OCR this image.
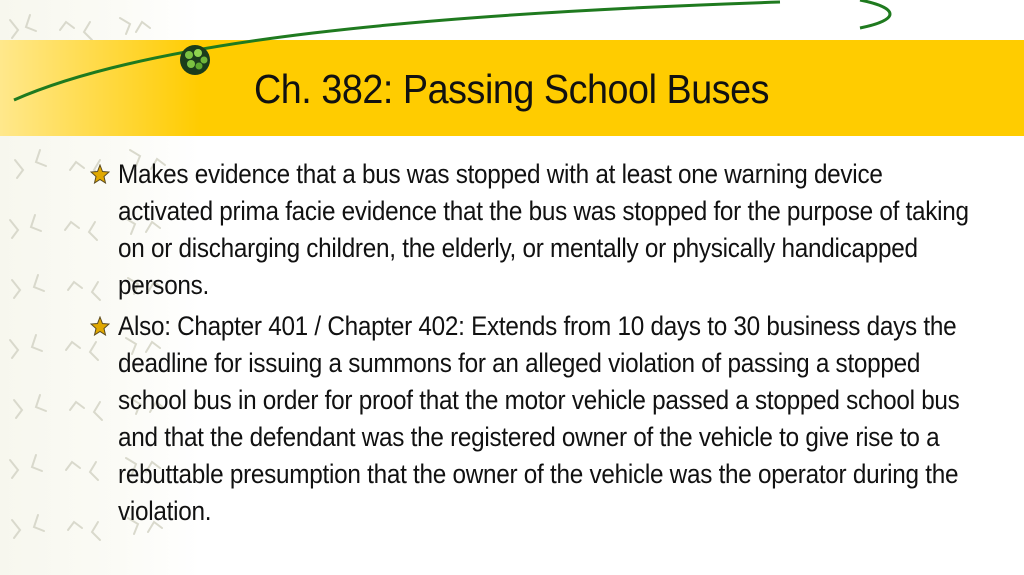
Ch. 382: Passing School Buses
Makes evidence that a bus was stopped with at least one warning device activated prima facie evidence that the bus was stopped for the purpose of taking on or discharging children, the elderly, or mentally or physically handicapped persons.
Also: Chapter 401 / Chapter 402: Extends from 10 days to 30 business days the deadline for issuing a summons for an alleged violation of passing a stopped school bus in order for proof that the motor vehicle passed a stopped school bus and that the defendant was the registered owner of the vehicle to give rise to a rebuttable presumption that the owner of the vehicle was the operator during the violation.
